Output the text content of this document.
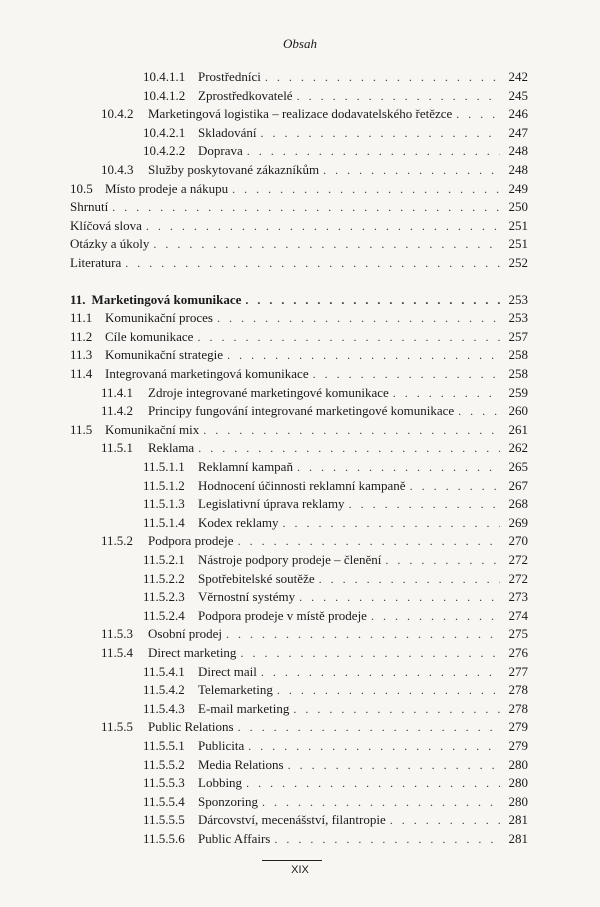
Obsah
10.4.1.1 Prostředníci . . .	242
10.4.1.2 Zprostředkovatelé . . .	245
10.4.2 Marketingová logistika – realizace dodavatelského řetězce . . .	246
10.4.2.1 Skladování . . .	247
10.4.2.2 Doprava . . .	248
10.4.3 Služby poskytované zákazníkům . . .	248
10.5 Místo prodeje a nákupu . . .	249
Shrnutí . . .	250
Klíčová slova . . .	251
Otázky a úkoly . . .	251
Literatura . . .	252
11. Marketingová komunikace . . .	253
11.1 Komunikační proces . . .	253
11.2 Cíle komunikace . . .	257
11.3 Komunikační strategie . . .	258
11.4 Integrovaná marketingová komunikace . . .	258
11.4.1 Zdroje integrované marketingové komunikace . . .	259
11.4.2 Principy fungování integrované marketingové komunikace . . .	260
11.5 Komunikační mix . . .	261
11.5.1 Reklama . . .	262
11.5.1.1 Reklamní kampaň . . .	265
11.5.1.2 Hodnocení účinnosti reklamní kampaně . . .	267
11.5.1.3 Legislativní úprava reklamy . . .	268
11.5.1.4 Kodex reklamy . . .	269
11.5.2 Podpora prodeje . . .	270
11.5.2.1 Nástroje podpory prodeje – členění . . .	272
11.5.2.2 Spotřebitelské soutěže . . .	272
11.5.2.3 Věrnostní systémy . . .	273
11.5.2.4 Podpora prodeje v místě prodeje . . .	274
11.5.3 Osobní prodej . . .	275
11.5.4 Direct marketing . . .	276
11.5.4.1 Direct mail . . .	277
11.5.4.2 Telemarketing . . .	278
11.5.4.3 E-mail marketing . . .	278
11.5.5 Public Relations . . .	279
11.5.5.1 Publicita . . .	279
11.5.5.2 Media Relations . . .	280
11.5.5.3 Lobbing . . .	280
11.5.5.4 Sponzoring . . .	280
11.5.5.5 Dárcovství, mecenášství, filantropie . . .	281
11.5.5.6 Public Affairs . . .	281
XIX
